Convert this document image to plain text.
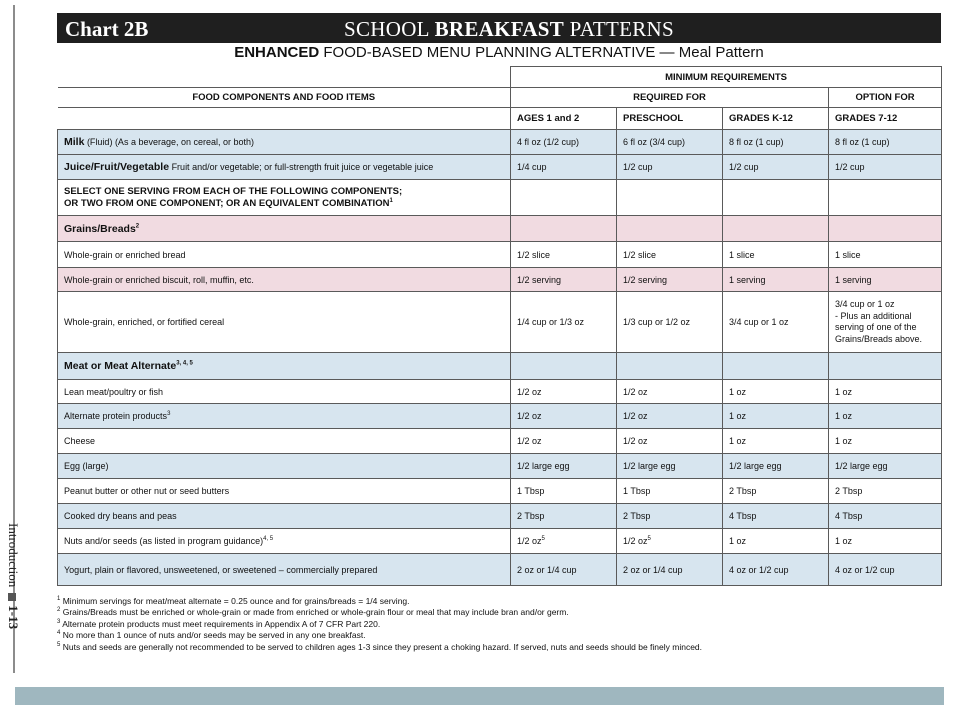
Introduction1-13
Chart 2B	SCHOOL BREAKFAST PATTERNS
ENHANCED FOOD-BASED MENU PLANNING ALTERNATIVE — Meal Pattern
	MINIMUM REQUIREMENTS			
FOOD COMPONENTS AND FOOD ITEMS	REQUIRED FOR			OPTION FOR
	AGES 1 and 2	PRESCHOOL	GRADES K-12	GRADES 7-12
Milk (Fluid) (As a beverage, on cereal, or both)	4 fl oz (1/2 cup)	6 fl oz (3/4 cup)	8 fl oz (1 cup)	8 fl oz (1 cup)
Juice/Fruit/Vegetable Fruit and/or vegetable; or full-strength fruit juice or vegetable juice	1/4 cup	1/2 cup	1/2 cup	1/2 cup
SELECT ONE SERVING FROM EACH OF THE FOLLOWING COMPONENTS;
OR TWO FROM ONE COMPONENT; OR AN EQUIVALENT COMBINATION$^1$				
Grains/Breads$^2$				
Whole-grain or enriched bread	1/2 slice	1/2 slice	1 slice	1 slice
Whole-grain or enriched biscuit, roll, muffin, etc.	1/2 serving	1/2 serving	1 serving	1 serving
Whole-grain, enriched, or fortified cereal	1/4 cup or 1/3 oz	1/3 cup or 1/2 oz	3/4 cup or 1 oz	3/4 cup or 1 oz
- Plus an additional
serving of one of the
Grains/Breads above.
Meat or Meat Alternate$^{3, 4, 5}$				
Lean meat/poultry or fish	1/2 oz	1/2 oz	1 oz	1 oz
Alternate protein products$^3$	1/2 oz	1/2 oz	1 oz	1 oz
Cheese	1/2 oz	1/2 oz	1 oz	1 oz
Egg (large)	1/2 large egg	1/2 large egg	1/2 large egg	1/2 large egg
Peanut butter or other nut or seed butters	1 Tbsp	1 Tbsp	2 Tbsp	2 Tbsp
Cooked dry beans and peas	2 Tbsp	2 Tbsp	4 Tbsp	4 Tbsp
Nuts and/or seeds (as listed in program guidance)$^{4, 5}$	1/2 $oz^5$	1/2 $oz^5$	1 oz	1 oz
Yogurt, plain or flavored, unsweetened, or sweetened – commercially prepared	2 oz or 1/4 cup	2 oz or 1/4 cup	4 oz or 1/2 cup	4 oz or 1/2 cup
$^1$ Minimum servings for meat/meat alternate = 0.25 ounce and for grains/breads = 1/4 serving.
$^2$ Grains/Breads must be enriched or whole-grain or made from enriched or whole-grain flour or meal that may include bran and/or germ.
$^3$ Alternate protein products must meet requirements in Appendix A of 7 CFR Part 220.
$^4$ No more than 1 ounce of nuts and/or seeds may be served in any one breakfast.
$^5$ Nuts and seeds are generally not recommended to be served to children ages 1-3 since they present a choking hazard. If served, nuts and seeds should be finely minced.
